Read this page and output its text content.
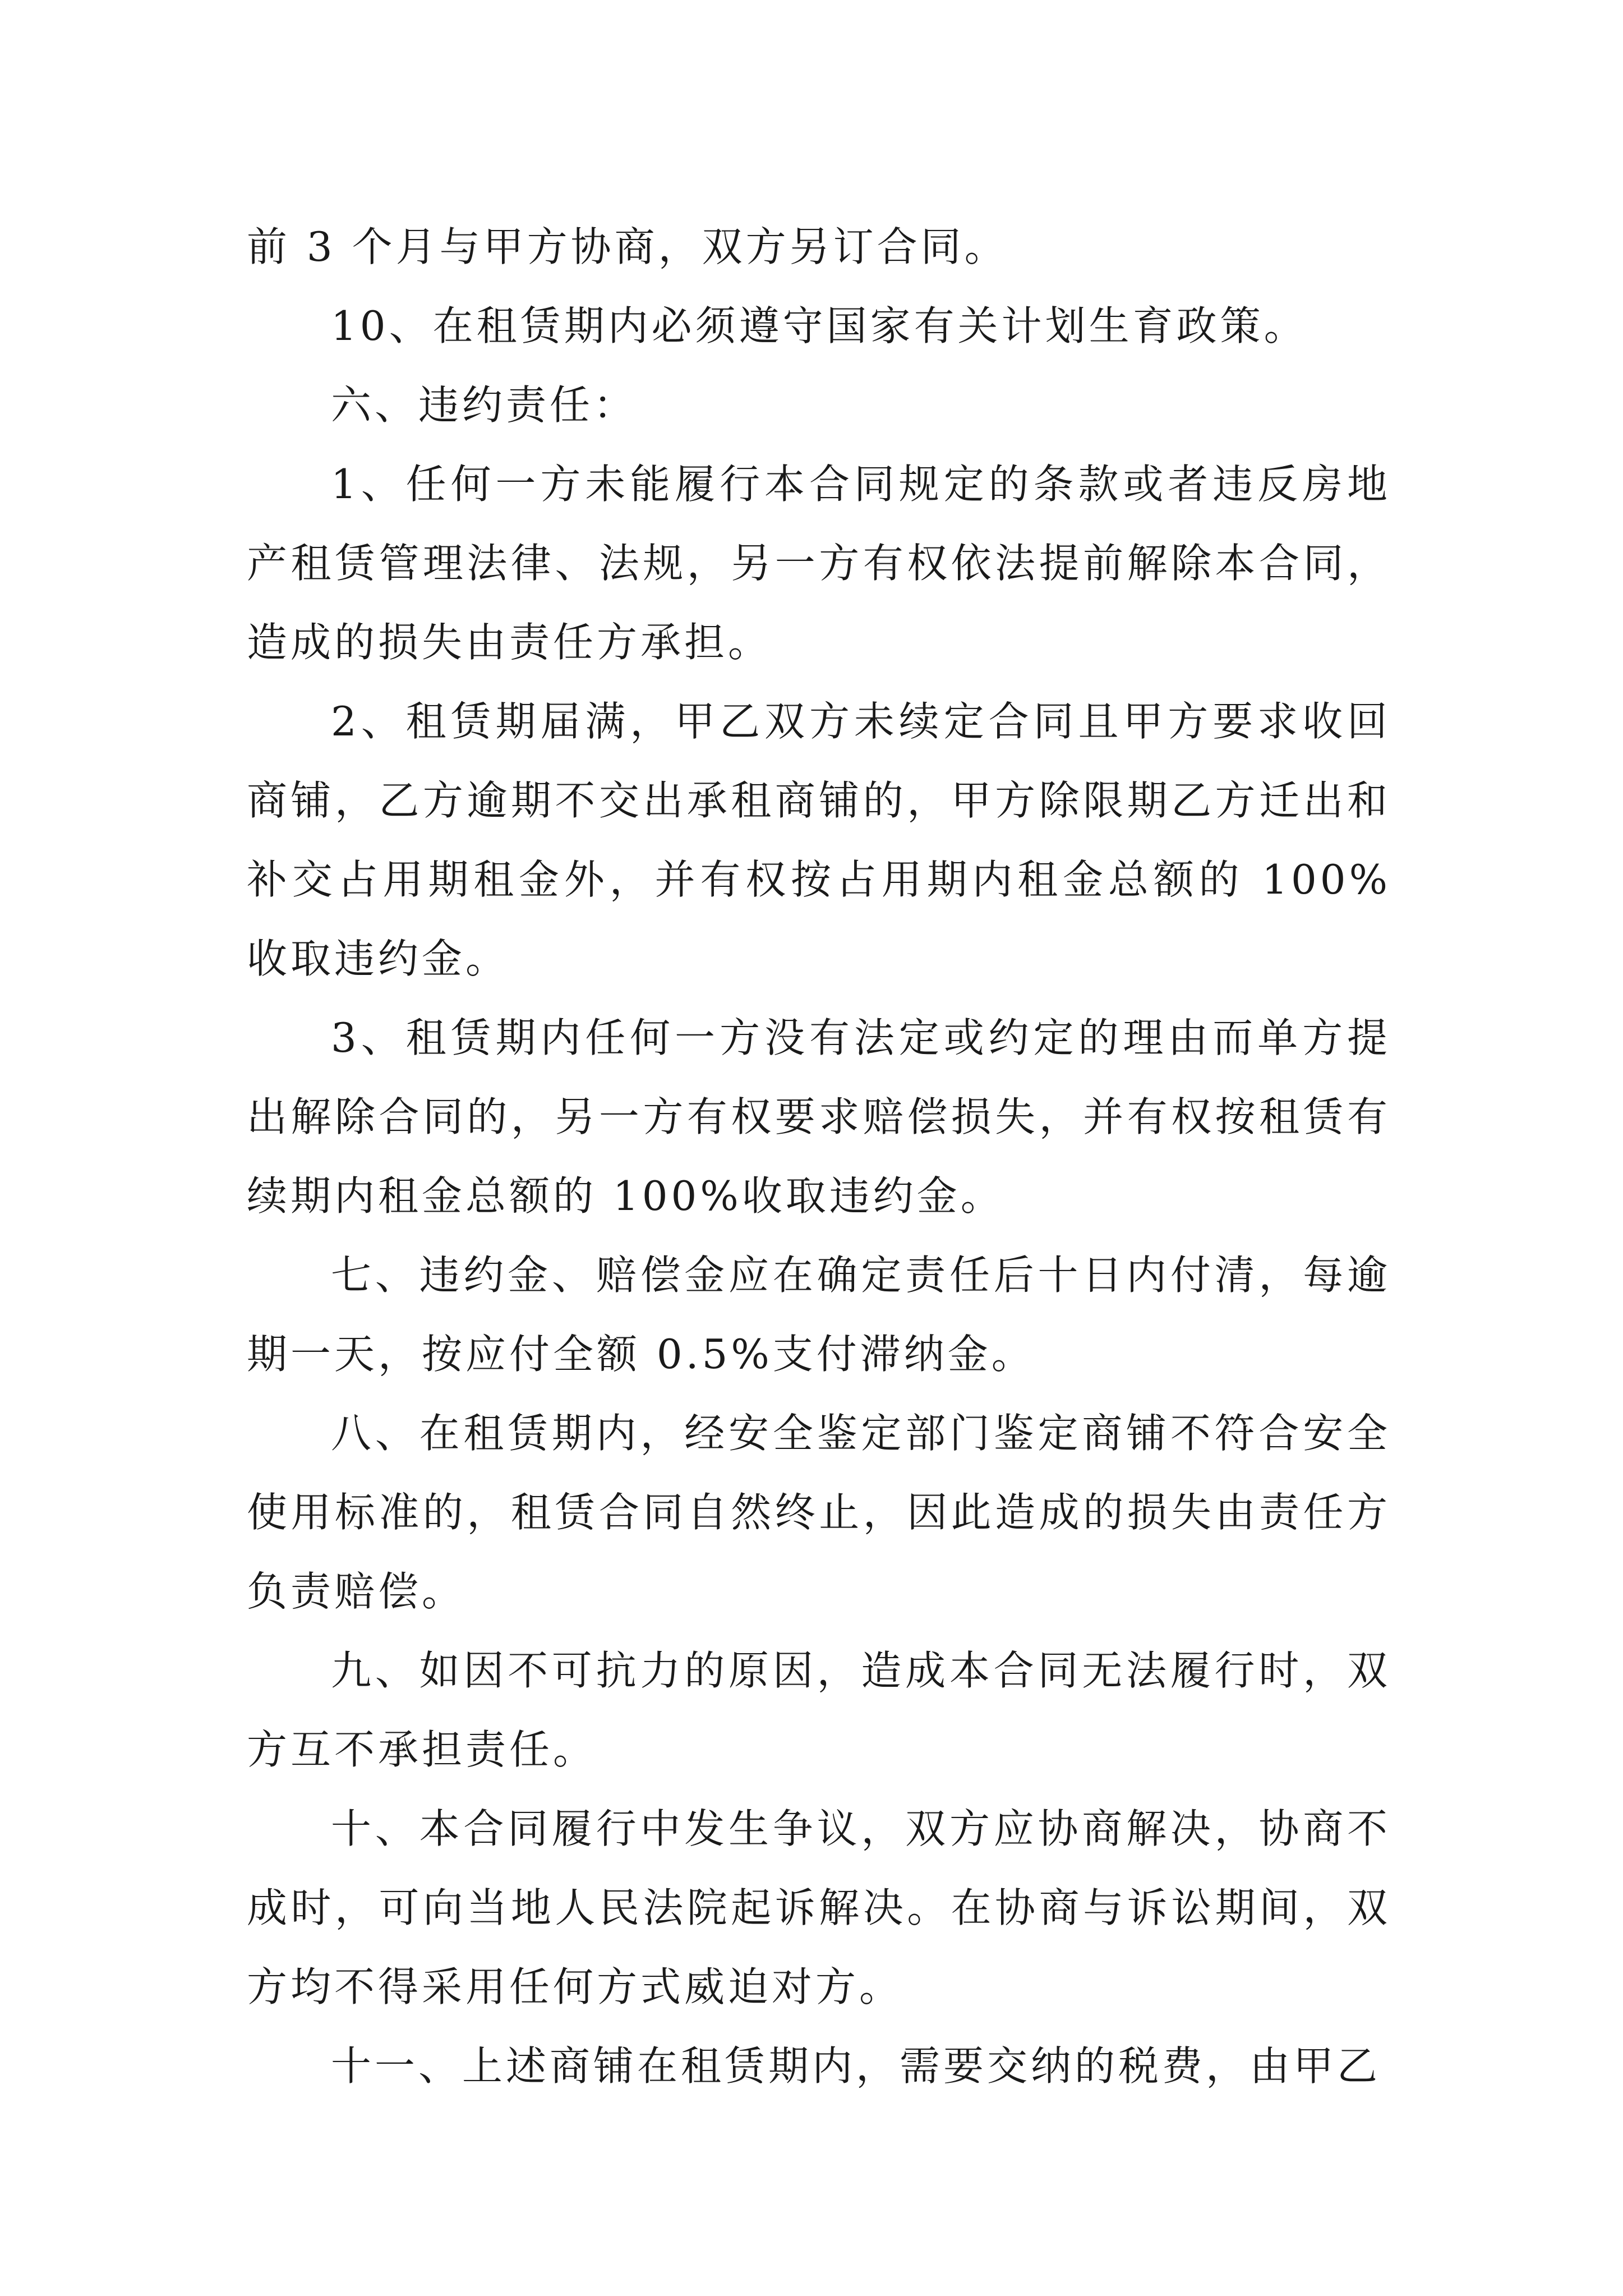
前 3 个月与甲方协商，双方另订合同。

10、在租赁期内必须遵守国家有关计划生育政策。

六、违约责任：

1、任何一方未能履行本合同规定的条款或者违反房地产租赁管理法律、法规，另一方有权依法提前解除本合同，造成的损失由责任方承担。

2、租赁期届满，甲乙双方未续定合同且甲方要求收回商铺，乙方逾期不交出承租商铺的，甲方除限期乙方迁出和补交占用期租金外，并有权按占用期内租金总额的 100%收取违约金。

3、租赁期内任何一方没有法定或约定的理由而单方提出解除合同的，另一方有权要求赔偿损失，并有权按租赁有续期内租金总额的 100%收取违约金。

七、违约金、赔偿金应在确定责任后十日内付清，每逾期一天，按应付全额 0.5%支付滞纳金。

八、在租赁期内，经安全鉴定部门鉴定商铺不符合安全使用标准的，租赁合同自然终止，因此造成的损失由责任方负责赔偿。

九、如因不可抗力的原因，造成本合同无法履行时，双方互不承担责任。

十、本合同履行中发生争议，双方应协商解决，协商不成时，可向当地人民法院起诉解决。在协商与诉讼期间，双方均不得采用任何方式威迫对方。

十一、上述商铺在租赁期内，需要交纳的税费，由甲乙
